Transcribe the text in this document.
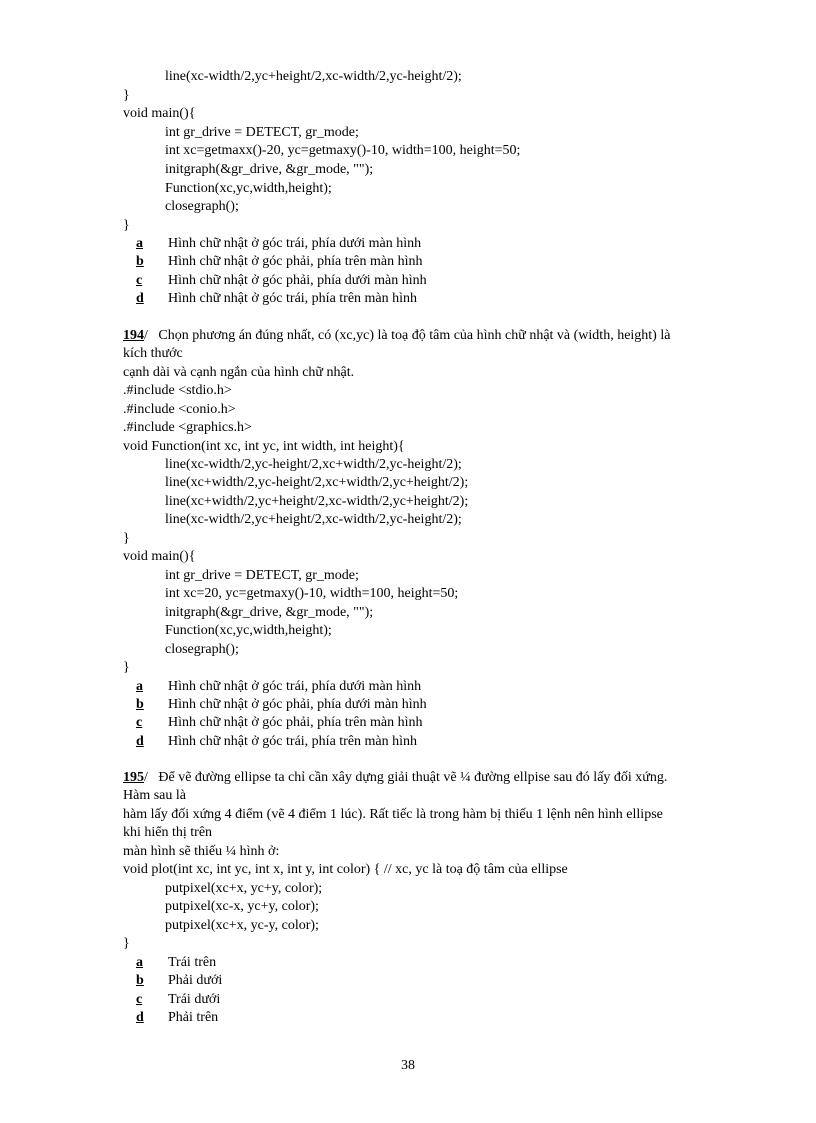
line(xc-width/2,yc+height/2,xc-width/2,yc-height/2);
}
void main(){
int gr_drive = DETECT, gr_mode;
int xc=getmaxx()-20, yc=getmaxy()-10, width=100, height=50;
initgraph(&gr_drive, &gr_mode, "");
Function(xc,yc,width,height);
closegraph();
}
a Hình chữ nhật ở góc trái, phía dưới màn hình
b Hình chữ nhật ở góc phải, phía trên màn hình
c Hình chữ nhật ở góc phải, phía dưới màn hình
d Hình chữ nhật ở góc trái, phía trên màn hình
194/ Chọn phương án đúng nhất, có (xc,yc) là toạ độ tâm của hình chữ nhật và (width, height) là
kích thước
cạnh dài và cạnh ngắn của hình chữ nhật.
.#include <stdio.h>
.#include <conio.h>
.#include <graphics.h>
void Function(int xc, int yc, int width, int height){
line(xc-width/2,yc-height/2,xc+width/2,yc-height/2);
line(xc+width/2,yc-height/2,xc+width/2,yc+height/2);
line(xc+width/2,yc+height/2,xc-width/2,yc+height/2);
line(xc-width/2,yc+height/2,xc-width/2,yc-height/2);
}
void main(){
int gr_drive = DETECT, gr_mode;
int xc=20, yc=getmaxy()-10, width=100, height=50;
initgraph(&gr_drive, &gr_mode, "");
Function(xc,yc,width,height);
closegraph();
}
a Hình chữ nhật ở góc trái, phía dưới màn hình
b Hình chữ nhật ở góc phải, phía dưới màn hình
c Hình chữ nhật ở góc phải, phía trên màn hình
d Hình chữ nhật ở góc trái, phía trên màn hình
195/ Để vẽ đường ellipse ta chỉ cần xây dựng giải thuật vẽ ¼ đường ellpise sau đó lấy đối xứng.
Hàm sau là
hàm lấy đối xứng 4 điểm (vẽ 4 điểm 1 lúc). Rất tiếc là trong hàm bị thiếu 1 lệnh nên hình ellipse
khi hiển thị trên
màn hình sẽ thiếu ¼ hình ở:
void plot(int xc, int yc, int x, int y, int color) { // xc, yc là toạ độ tâm của ellipse
putpixel(xc+x, yc+y, color);
putpixel(xc-x, yc+y, color);
putpixel(xc+x, yc-y, color);
}
a Trái trên
b Phải dưới
c Trái dưới
d Phải trên
38
